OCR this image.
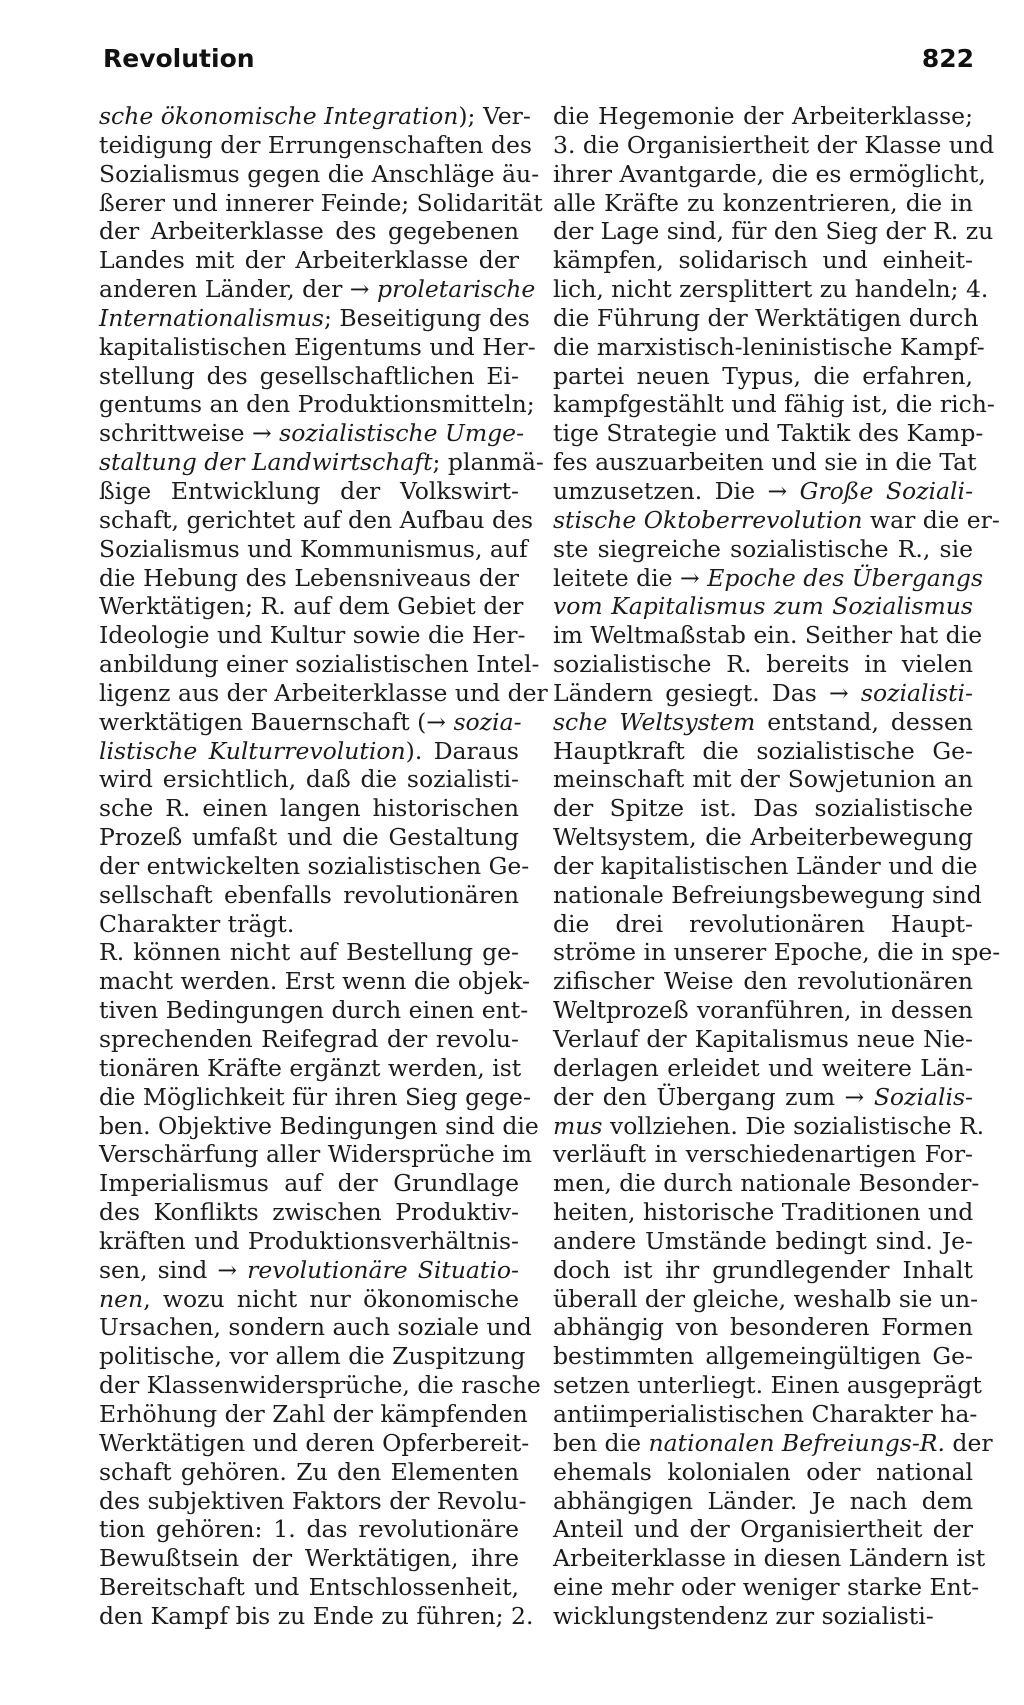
Revolution	822
sche ökonomische Integration); Ver-
teidigung der Errungenschaften des
Sozialismus gegen die Anschläge äu-
ßerer und innerer Feinde; Solidarität
der Arbeiterklasse des gegebenen
Landes mit der Arbeiterklasse der
anderen Länder, der → proletarische
Internationalismus; Beseitigung des
kapitalistischen Eigentums und Her-
stellung des gesellschaftlichen Ei-
gentums an den Produktionsmitteln;
schrittweise → sozialistische Umge-
staltung der Landwirtschaft; planmä-
ßige Entwicklung der Volkswirt-
schaft, gerichtet auf den Aufbau des
Sozialismus und Kommunismus, auf
die Hebung des Lebensniveaus der
Werktätigen; R. auf dem Gebiet der
Ideologie und Kultur sowie die Her-
anbildung einer sozialistischen Intel-
ligenz aus der Arbeiterklasse und der
werktätigen Bauernschaft (→ sozia-
listische Kulturrevolution). Daraus
wird ersichtlich, daß die sozialisti-
sche R. einen langen historischen
Prozeß umfaßt und die Gestaltung
der entwickelten sozialistischen Ge-
sellschaft ebenfalls revolutionären
Charakter trägt.
R. können nicht auf Bestellung ge-
macht werden. Erst wenn die objek-
tiven Bedingungen durch einen ent-
sprechenden Reifegrad der revolu-
tionären Kräfte ergänzt werden, ist
die Möglichkeit für ihren Sieg gege-
ben. Objektive Bedingungen sind die
Verschärfung aller Widersprüche im
Imperialismus auf der Grundlage
des Konflikts zwischen Produktiv-
kräften und Produktionsverhältnis-
sen, sind → revolutionäre Situatio-
nen, wozu nicht nur ökonomische
Ursachen, sondern auch soziale und
politische, vor allem die Zuspitzung
der Klassenwidersprüche, die rasche
Erhöhung der Zahl der kämpfenden
Werktätigen und deren Opferbereit-
schaft gehören. Zu den Elementen
des subjektiven Faktors der Revolu-
tion gehören: 1. das revolutionäre
Bewußtsein der Werktätigen, ihre
Bereitschaft und Entschlossenheit,
den Kampf bis zu Ende zu führen; 2.
die Hegemonie der Arbeiterklasse;
3. die Organisiertheit der Klasse und
ihrer Avantgarde, die es ermöglicht,
alle Kräfte zu konzentrieren, die in
der Lage sind, für den Sieg der R. zu
kämpfen, solidarisch und einheit-
lich, nicht zersplittert zu handeln; 4.
die Führung der Werktätigen durch
die marxistisch-leninistische Kampf-
partei neuen Typus, die erfahren,
kampfgestählt und fähig ist, die rich-
tige Strategie und Taktik des Kamp-
fes auszuarbeiten und sie in die Tat
umzusetzen. Die → Große Soziali-
stische Oktoberrevolution war die er-
ste siegreiche sozialistische R., sie
leitete die → Epoche des Übergangs
vom Kapitalismus zum Sozialismus
im Weltmaßstab ein. Seither hat die
sozialistische R. bereits in vielen
Ländern gesiegt. Das → sozialisti-
sche Weltsystem entstand, dessen
Hauptkraft die sozialistische Ge-
meinschaft mit der Sowjetunion an
der Spitze ist. Das sozialistische
Weltsystem, die Arbeiterbewegung
der kapitalistischen Länder und die
nationale Befreiungsbewegung sind
die drei revolutionären Haupt-
ströme in unserer Epoche, die in spe-
zifischer Weise den revolutionären
Weltprozeß voranführen, in dessen
Verlauf der Kapitalismus neue Nie-
derlagen erleidet und weitere Län-
der den Übergang zum → Sozialis-
mus vollziehen. Die sozialistische R.
verläuft in verschiedenartigen For-
men, die durch nationale Besonder-
heiten, historische Traditionen und
andere Umstände bedingt sind. Je-
doch ist ihr grundlegender Inhalt
überall der gleiche, weshalb sie un-
abhängig von besonderen Formen
bestimmten allgemeingültigen Ge-
setzen unterliegt. Einen ausgeprägt
antiimperialistischen Charakter ha-
ben die nationalen Befreiungs-R. der
ehemals kolonialen oder national
abhängigen Länder. Je nach dem
Anteil und der Organisiertheit der
Arbeiterklasse in diesen Ländern ist
eine mehr oder weniger starke Ent-
wicklungstendenz zur sozialisti-
